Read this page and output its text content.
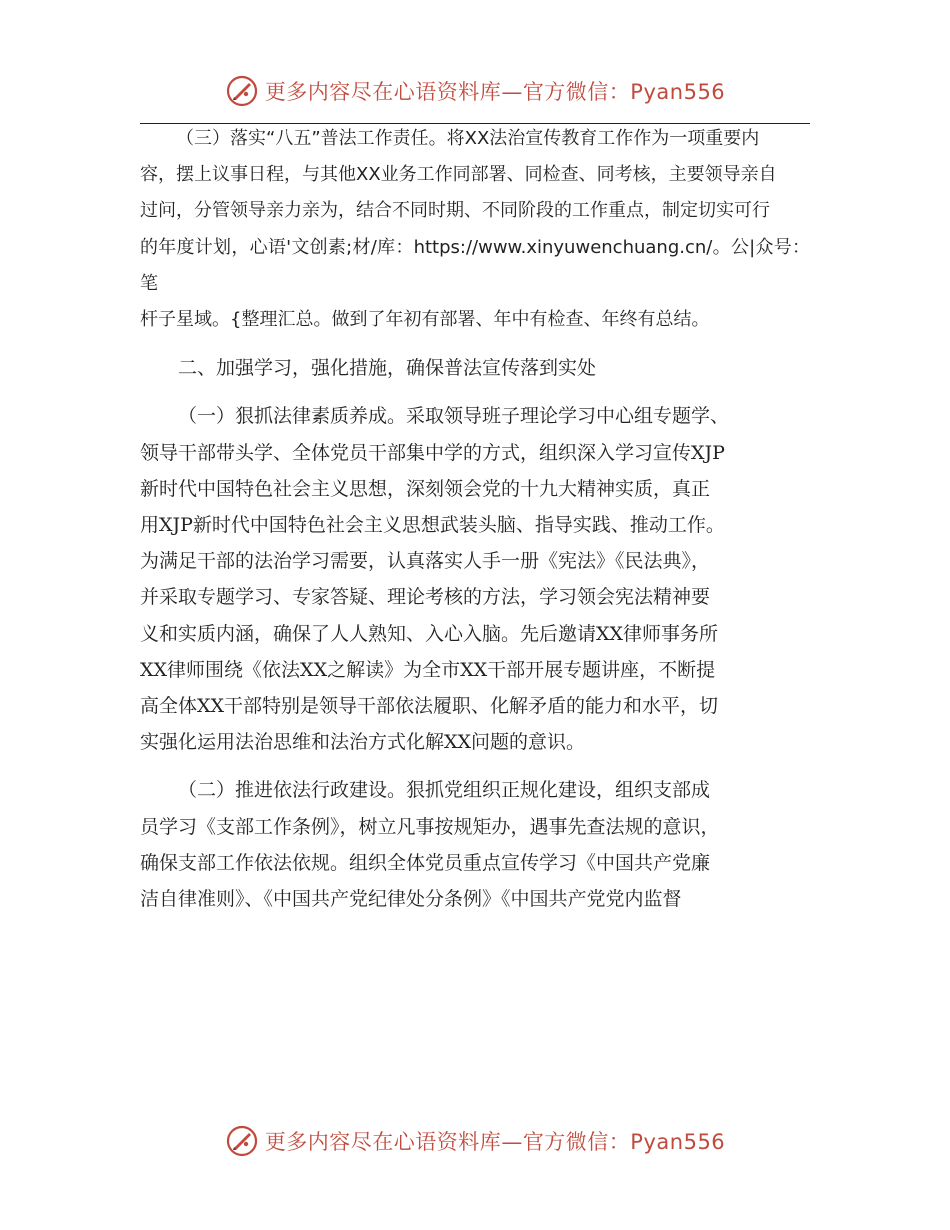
更多内容尽在心语资料库—官方微信：Pyan556

（三）落实“八五”普法工作责任。将XX法治宣传教育工作作为一项重要内
容，摆上议事日程，与其他XX业务工作同部署、同检查、同考核，主要领导亲自
过问，分管领导亲力亲为，结合不同时期、不同阶段的工作重点，制定切实可行
的年度计划，心语'文创素;材/库：https://www.xinyuwenchuang.cn/。公|众号：笔
杆子星域。{整理汇总。做到了年初有部署、年中有检查、年终有总结。

二、加强学习，强化措施，确保普法宣传落到实处

（一）狠抓法律素质养成。采取领导班子理论学习中心组专题学、
领导干部带头学、全体党员干部集中学的方式，组织深入学习宣传XJP
新时代中国特色社会主义思想，深刻领会党的十九大精神实质，真正
用XJP新时代中国特色社会主义思想武装头脑、指导实践、推动工作。
为满足干部的法治学习需要，认真落实人手一册《宪法》《民法典》，
并采取专题学习、专家答疑、理论考核的方法，学习领会宪法精神要
义和实质内涵，确保了人人熟知、入心入脑。先后邀请XX律师事务所
XX律师围绕《依法XX之解读》为全市XX干部开展专题讲座，不断提
高全体XX干部特别是领导干部依法履职、化解矛盾的能力和水平，切
实强化运用法治思维和法治方式化解XX问题的意识。

（二）推进依法行政建设。狠抓党组织正规化建设，组织支部成
员学习《支部工作条例》，树立凡事按规矩办，遇事先查法规的意识，
确保支部工作依法依规。组织全体党员重点宣传学习《中国共产党廉
洁自律准则》、《中国共产党纪律处分条例》《中国共产党党内监督

更多内容尽在心语资料库—官方微信：Pyan556
